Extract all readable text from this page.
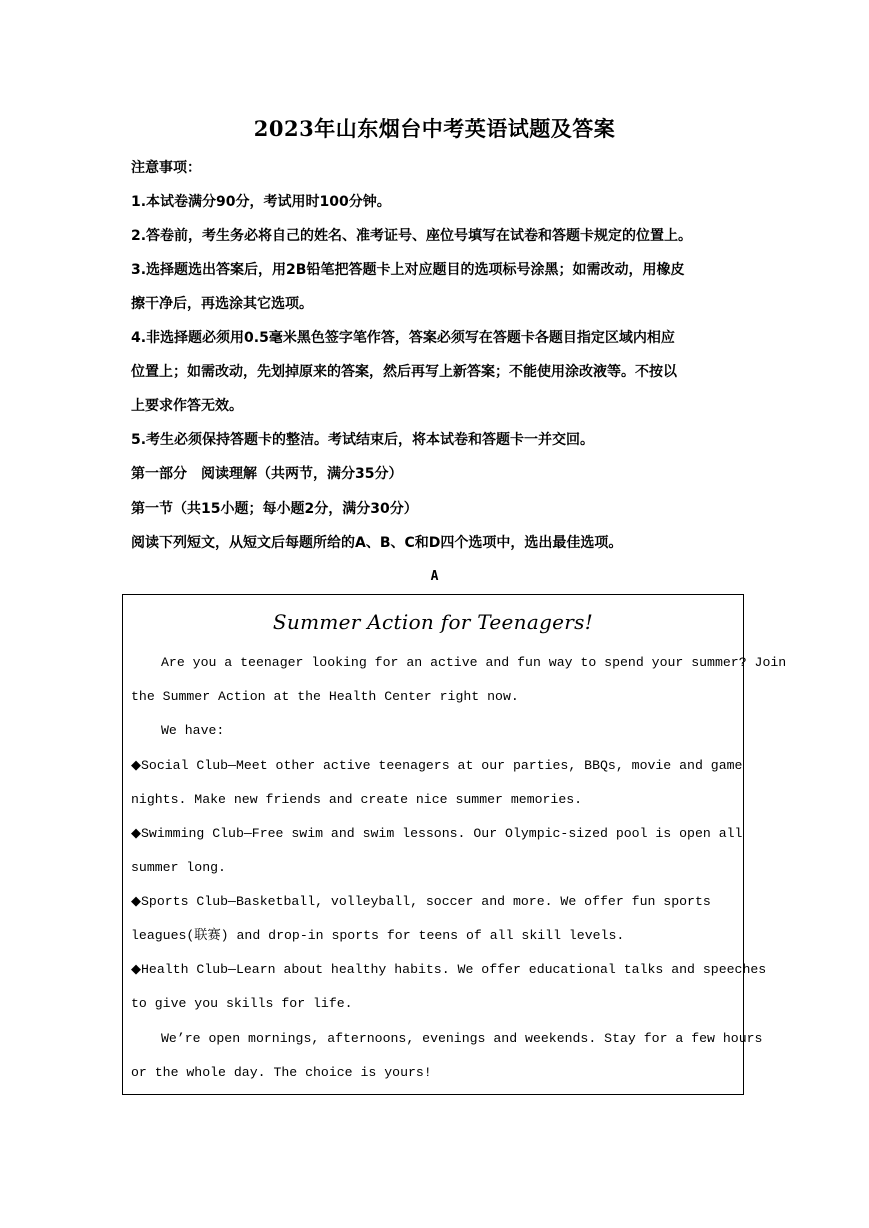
2023年山东烟台中考英语试题及答案
注意事项：
1.本试卷满分90分，考试用时100分钟。
2.答卷前，考生务必将自己的姓名、准考证号、座位号填写在试卷和答题卡规定的位置上。
3.选择题选出答案后，用2B铅笔把答题卡上对应题目的选项标号涂黑；如需改动，用橡皮
擦干净后，再选涂其它选项。
4.非选择题必须用0.5毫米黑色签字笔作答，答案必须写在答题卡各题目指定区域内相应
位置上；如需改动，先划掉原来的答案，然后再写上新答案；不能使用涂改液等。不按以
上要求作答无效。
5.考生必须保持答题卡的整洁。考试结束后，将本试卷和答题卡一并交回。
第一部分　阅读理解（共两节，满分35分）
第一节（共15小题；每小题2分，满分30分）
阅读下列短文，从短文后每题所给的A、B、C和D四个选项中，选出最佳选项。
A
Summer Action for Teenagers!
Are you a teenager looking for an active and fun way to spend your summer? Join
the Summer Action at the Health Center right now.
We have:
◆Social Club—Meet other active teenagers at our parties, BBQs, movie and game
nights. Make new friends and create nice summer memories.
◆Swimming Club—Free swim and swim lessons. Our Olympic-sized pool is open all
summer long.
◆Sports Club—Basketball, volleyball, soccer and more. We offer fun sports
leagues(联赛) and drop-in sports for teens of all skill levels.
◆Health Club—Learn about healthy habits. We offer educational talks and speeches
to give you skills for life.
We’re open mornings, afternoons, evenings and weekends. Stay for a few hours
or the whole day. The choice is yours!
